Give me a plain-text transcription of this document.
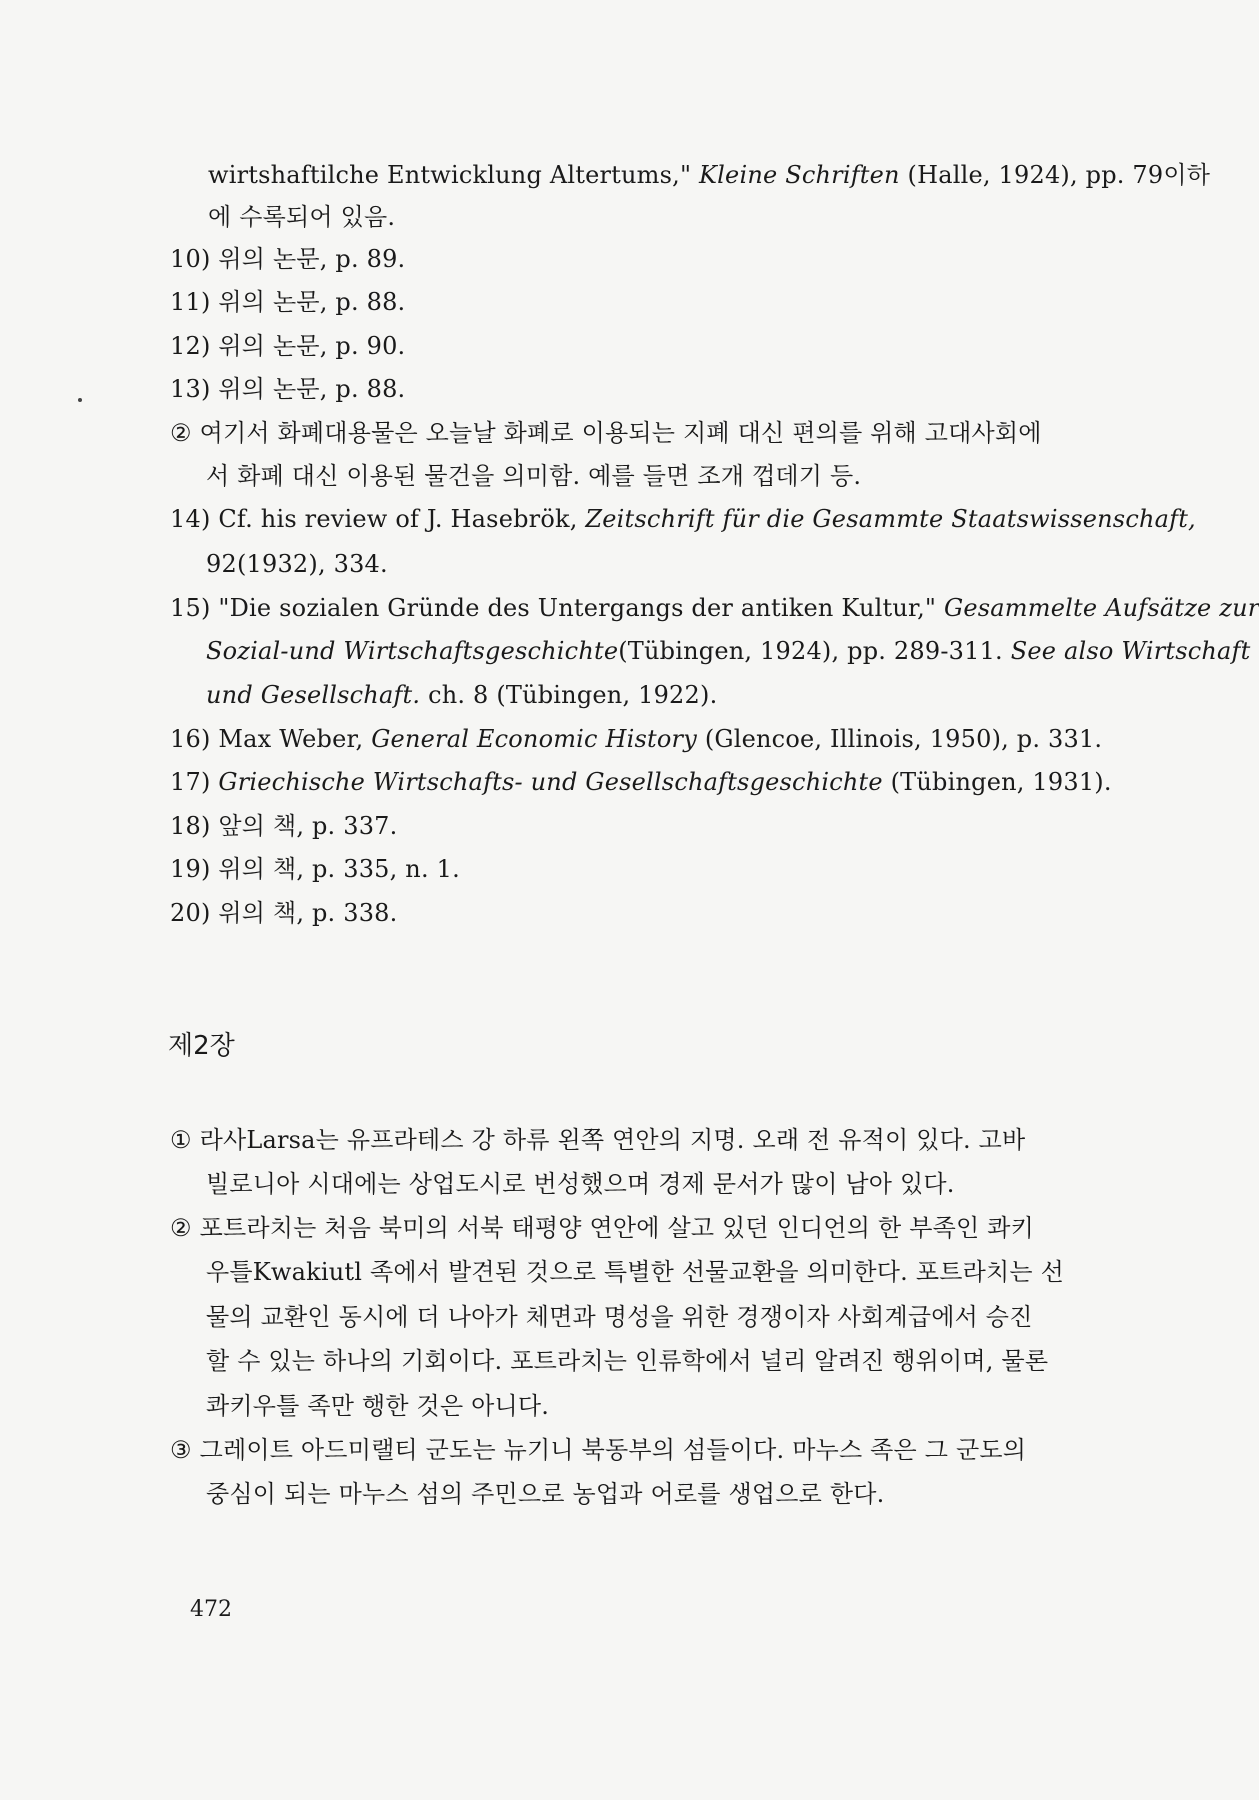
wirtshaftilche Entwicklung Altertums," Kleine Schriften (Halle, 1924), pp. 79이하
에 수록되어 있음.
10) 위의 논문, p. 89.
11) 위의 논문, p. 88.
12) 위의 논문, p. 90.
13) 위의 논문, p. 88.
② 여기서 화폐대용물은 오늘날 화폐로 이용되는 지폐 대신 편의를 위해 고대사회에
서 화폐 대신 이용된 물건을 의미함. 예를 들면 조개 껍데기 등.
14) Cf. his review of J. Hasebrök, Zeitschrift für die Gesammte Staatswissenschaft,
92(1932), 334.
15) "Die sozialen Gründe des Untergangs der antiken Kultur," Gesammelte Aufsätze zur
Sozial-und Wirtschaftsgeschichte(Tübingen, 1924), pp. 289-311. See also Wirtschaft
und Gesellschaft. ch. 8 (Tübingen, 1922).
16) Max Weber, General Economic History (Glencoe, Illinois, 1950), p. 331.
17) Griechische Wirtschafts- und Gesellschaftsgeschichte (Tübingen, 1931).
18) 앞의 책, p. 337.
19) 위의 책, p. 335, n. 1.
20) 위의 책, p. 338.
제2장
① 라사Larsa는 유프라테스 강 하류 왼쪽 연안의 지명. 오래 전 유적이 있다. 고바
빌로니아 시대에는 상업도시로 번성했으며 경제 문서가 많이 남아 있다.
② 포트라치는 처음 북미의 서북 태평양 연안에 살고 있던 인디언의 한 부족인 콰키
우틀Kwakiutl 족에서 발견된 것으로 특별한 선물교환을 의미한다. 포트라치는 선
물의 교환인 동시에 더 나아가 체면과 명성을 위한 경쟁이자 사회계급에서 승진
할 수 있는 하나의 기회이다. 포트라치는 인류학에서 널리 알려진 행위이며, 물론
콰키우틀 족만 행한 것은 아니다.
③ 그레이트 아드미랠티 군도는 뉴기니 북동부의 섬들이다. 마누스 족은 그 군도의
중심이 되는 마누스 섬의 주민으로 농업과 어로를 생업으로 한다.
472
